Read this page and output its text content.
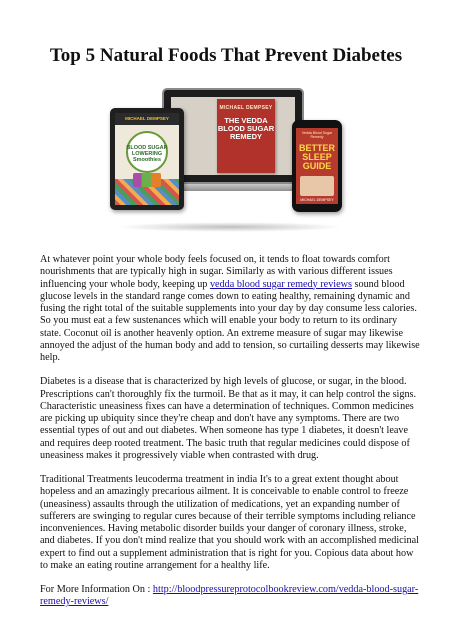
Top 5 Natural Foods That Prevent Diabetes
MICHAEL DEMPSEY
THE VEDDA BLOOD SUGAR REMEDY
MICHAEL DEMPSEY
BLOOD SUGAR LOWERING Smoothies
Vedda Blood Sugar Remedy
BETTER SLEEP GUIDE
MICHAEL DEMPSEY

At whatever point your whole body feels focused on, it tends to float towards comfort nourishments that are typically high in sugar. Similarly as with various different issues influencing your whole body, keeping up vedda blood sugar remedy reviews sound blood glucose levels in the standard range comes down to eating healthy, remaining dynamic and fusing the right total of the suitable supplements into your day by day consume less calories. So you must eat a few sustenances which will enable your body to return to its ordinary state. Coconut oil is another heavenly option. An extreme measure of sugar may likewise annoyed the adjust of the human body and add to tension, so curtailing desserts may likewise help.

Diabetes is a disease that is characterized by high levels of glucose, or sugar, in the blood. Prescriptions can't thoroughly fix the turmoil. Be that as it may, it can help control the signs. Characteristic uneasiness fixes can have a determination of techniques. Common medicines are picking up ubiquity since they're cheap and don't have any symptoms. There are two essential types of out and out diabetes. When someone has type 1 diabetes, it doesn't leave and requires deep rooted treatment. The basic truth that regular medicines could dispose of uneasiness makes it progressively viable when contrasted with drug.

Traditional Treatments leucoderma treatment in india It's to a great extent thought about hopeless and an amazingly precarious ailment. It is conceivable to enable control to freeze (uneasiness) assaults through the utilization of medications, yet an expanding number of sufferers are swinging to regular cures because of their terrible symptoms including reliance inconveniences. Having metabolic disorder builds your danger of coronary illness, stroke, and diabetes. If you don't mind realize that you should work with an accomplished medicinal expert to find out a supplement administration that is right for you. Copious data about how to make an eating routine arrangement for a healthy life.

For More Information On : http://bloodpressureprotocolbookreview.com/vedda-blood-sugar-remedy-reviews/
